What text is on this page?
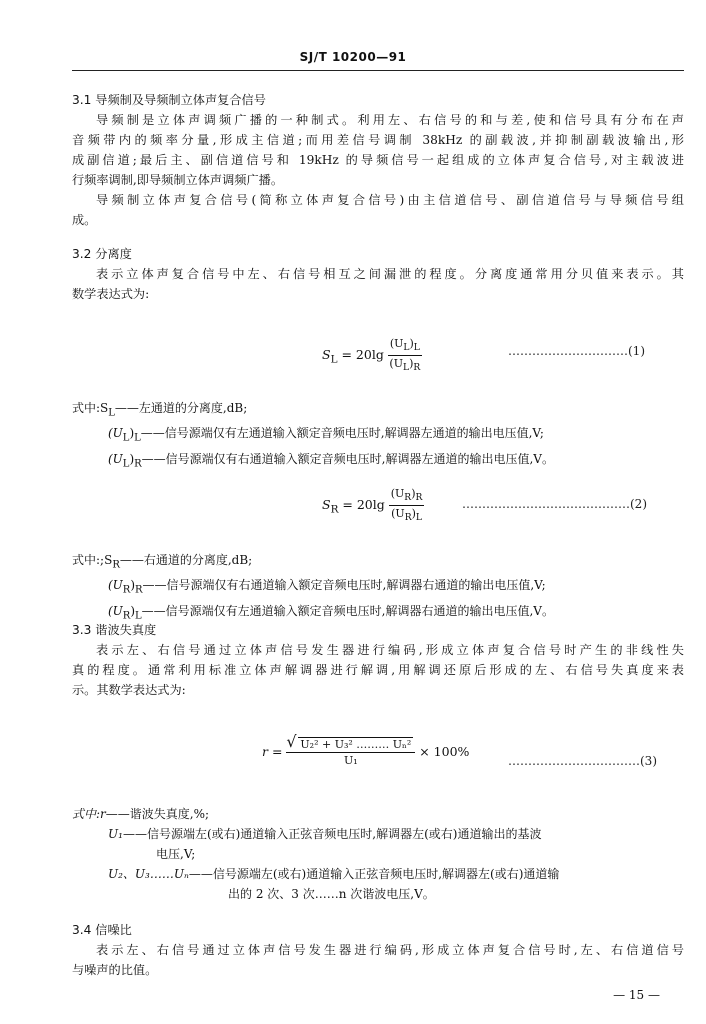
SJ/T 10200—91
3.1 导频制及导频制立体声复合信号
导频制是立体声调频广播的一种制式。利用左、右信号的和与差,使和信号具有分布在声
音频带内的频率分量,形成主信道;而用差信号调制 38kHz 的副载波,并抑制副载波输出,形
成副信道;最后主、副信道信号和 19kHz 的导频信号一起组成的立体声复合信号,对主载波进
行频率调制,即导频制立体声调频广播。
导频制立体声复合信号(简称立体声复合信号)由主信道信号、副信道信号与导频信号组
成。
3.2 分离度
表示立体声复合信号中左、右信号相互之间漏泄的程度。分离度通常用分贝值来表示。其
数学表达式为:
$S_L = 20\lg \frac{(U_L)_L}{(U_L)_R}$	…………………………(1)
式中$:S_L——$左通道的分离度,dB;
$(U_L)_L——$信号源端仅有左通道输入额定音频电压时,解调器左通道的输出电压值,V;
$(U_L)_R——$信号源端仅有右通道输入额定音频电压时,解调器左通道的输出电压值,V。
$S_R = 20\lg \frac{(U_R)_R}{(U_R)_L}$	……………………………………(2)
式中$:;S_R——$右通道的分离度,dB;
$(U_R)_R——$信号源端仅有右通道输入额定音频电压时,解调器右通道的输出电压值,V;
$(U_R)_L——$信号源端仅有左通道输入额定音频电压时,解调器右通道的输出电压值,V。
3.3 谐波失真度
表示左、右信号通过立体声信号发生器进行编码,形成立体声复合信号时产生的非线性失
真的程度。通常利用标准立体声解调器进行解调,用解调还原后形成的左、右信号失真度来表
示。其数学表达式为:
r =
√ $\frac{\text{U₂² + U₃² ……… Uₙ²}}{\text{U₁}} \times 100\%$
……………………………(3)
式中:r——谐波失真度,%;
U₁——信号源端左(或右)通道输入正弦音频电压时,解调器左(或右)通道输出的基波
电压,V;
U₂、U₃……Uₙ——信号源端左(或右)通道输入正弦音频电压时,解调器左(或右)通道输
出的 2 次、3 次……n 次谐波电压,V。
3.4 信噪比
表示左、右信号通过立体声信号发生器进行编码,形成立体声复合信号时,左、右信道信号
与噪声的比值。
— 15 —
